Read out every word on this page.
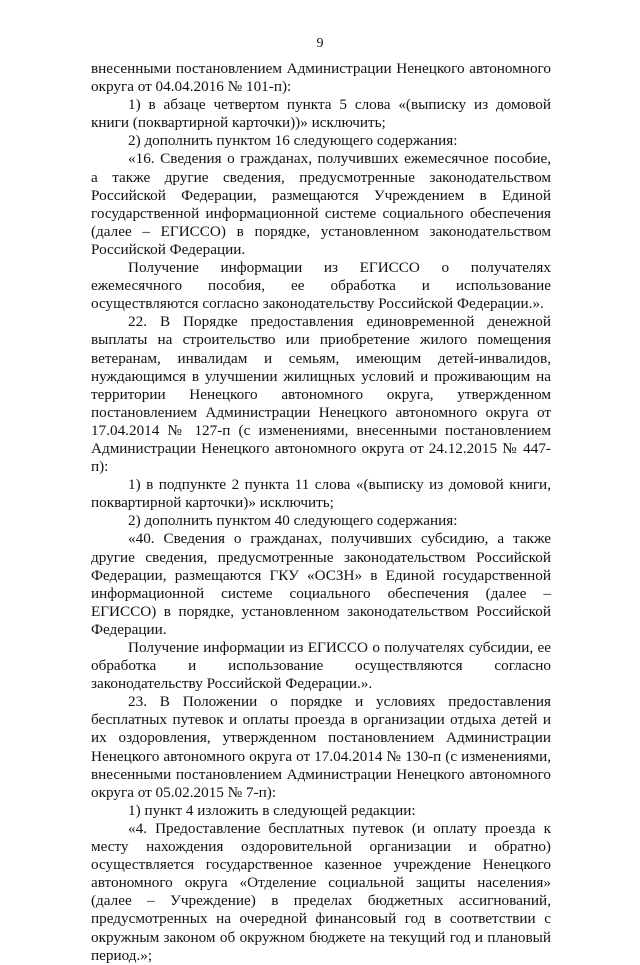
9

внесенными постановлением Администрации Ненецкого автономного округа от 04.04.2016 № 101-п):

1) в абзаце четвертом пункта 5 слова «(выписку из домовой книги (поквартирной карточки))» исключить;

2) дополнить пунктом 16 следующего содержания:

«16. Сведения о гражданах, получивших ежемесячное пособие, а также другие сведения, предусмотренные законодательством Российской Федерации, размещаются Учреждением в Единой государственной информационной системе социального обеспечения (далее – ЕГИССО) в порядке, установленном законодательством Российской Федерации.

Получение информации из ЕГИССО о получателях ежемесячного пособия, ее обработка и использование осуществляются согласно законодательству Российской Федерации.».

22. В Порядке предоставления единовременной денежной выплаты на строительство или приобретение жилого помещения ветеранам, инвалидам и семьям, имеющим детей-инвалидов, нуждающимся в улучшении жилищных условий и проживающим на территории Ненецкого автономного округа, утвержденном постановлением Администрации Ненецкого автономного округа от 17.04.2014 № 127-п (с изменениями, внесенными постановлением Администрации Ненецкого автономного округа от 24.12.2015 № 447-п):

1) в подпункте 2 пункта 11 слова «(выписку из домовой книги, поквартирной карточки)» исключить;

2) дополнить пунктом 40 следующего содержания:

«40. Сведения о гражданах, получивших субсидию, а также другие сведения, предусмотренные законодательством Российской Федерации, размещаются ГКУ «ОСЗН» в Единой государственной информационной системе социального обеспечения (далее – ЕГИССО) в порядке, установленном законодательством Российской Федерации.

Получение информации из ЕГИССО о получателях субсидии, ее обработка и использование осуществляются согласно законодательству Российской Федерации.».

23. В Положении о порядке и условиях предоставления бесплатных путевок и оплаты проезда в организации отдыха детей и их оздоровления, утвержденном постановлением Администрации Ненецкого автономного округа от 17.04.2014 № 130-п (с изменениями, внесенными постановлением Администрации Ненецкого автономного округа от 05.02.2015 № 7-п):

1) пункт 4 изложить в следующей редакции:

«4. Предоставление бесплатных путевок (и оплату проезда к месту нахождения оздоровительной организации и обратно) осуществляется государственное казенное учреждение Ненецкого автономного округа «Отделение социальной защиты населения» (далее – Учреждение) в пределах бюджетных ассигнований, предусмотренных на очередной финансовый год в соответствии с окружным законом об окружном бюджете на текущий год и плановый период.»;
